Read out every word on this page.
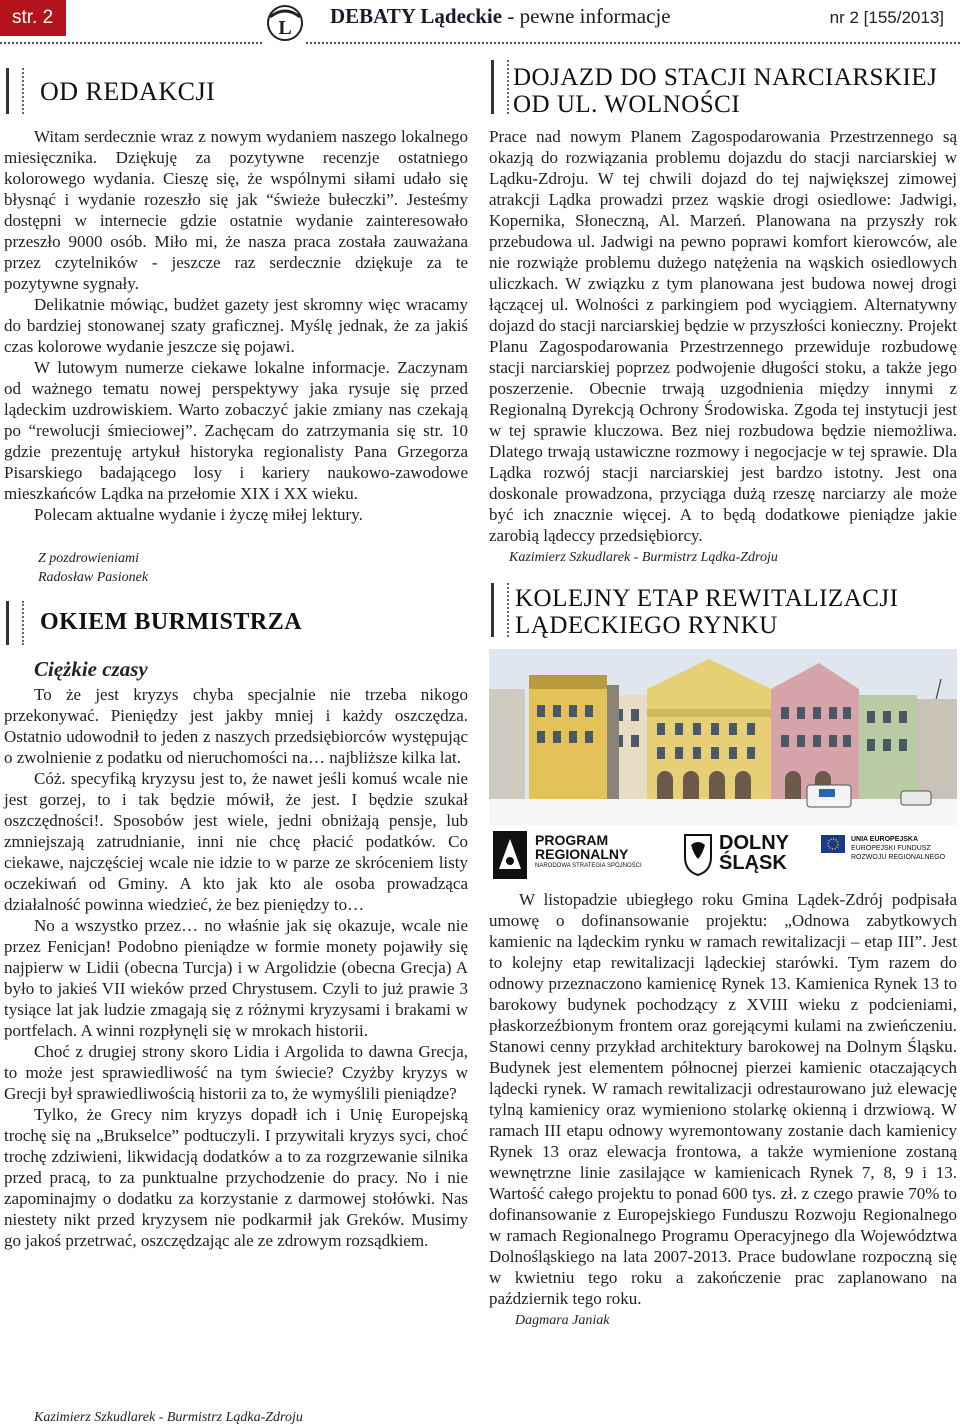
str. 2	L DEBATY Lądeckie - pewne informacje	nr 2 [155/2013]
OD REDAKCJI

Witam serdecznie wraz z nowym wydaniem naszego lokalnego miesięcznika. Dziękuję za pozytywne recenzje ostatniego kolorowego wydania. Cieszę się, że wspólnymi siłami udało się błysnąć i wydanie rozeszło się jak “świeże bułeczki”. Jesteśmy dostępni w internecie gdzie ostatnie wydanie zainteresowało przeszło 9000 osób. Miło mi, że nasza praca została zauważana przez czytelników - jeszcze raz serdecznie dziękuje za te pozytywne sygnały.

Delikatnie mówiąc, budżet gazety jest skromny więc wracamy do bardziej stonowanej szaty graficznej. Myślę jednak, że za jakiś czas kolorowe wydanie jeszcze się pojawi.

W lutowym numerze ciekawe lokalne informacje. Zaczynam od ważnego tematu nowej perspektywy jaka rysuje się przed lądeckim uzdrowiskiem. Warto zobaczyć jakie zmiany nas czekają po “rewolucji śmieciowej”. Zachęcam do zatrzymania się str. 10 gdzie prezentuję artykuł historyka regionalisty Pana Grzegorza Pisarskiego badającego losy i kariery naukowo-zawodowe mieszkańców Lądka na przełomie XIX i XX wieku.

Polecam aktualne wydanie i życzę miłej lektury.

Z pozdrowieniami
Radosław Pasionek
OKIEM BURMISTRZA
Ciężkie czasy

To że jest kryzys chyba specjalnie nie trzeba nikogo przekonywać. Pieniędzy jest jakby mniej i każdy oszczędza. Ostatnio udowodnił to jeden z naszych przedsiębiorców występując o zwolnienie z podatku od nieruchomości na… najbliższe kilka lat.

Cóż. specyfiką kryzysu jest to, że nawet jeśli komuś wcale nie jest gorzej, to i tak będzie mówił, że jest. I będzie szukał oszczędności!. Sposobów jest wiele, jedni obniżają pensje, lub zmniejszają zatrudnianie, inni nie chcę płacić podatków. Co ciekawe, najczęściej wcale nie idzie to w parze ze skróceniem listy oczekiwań od Gminy. A kto jak kto ale osoba prowadząca działalność powinna wiedzieć, że bez pieniędzy to…

No a wszystko przez… no właśnie jak się okazuje, wcale nie przez Fenicjan! Podobno pieniądze w formie monety pojawiły się najpierw w Lidii (obecna Turcja) i w Argolidzie (obecna Grecja) A było to jakieś VII wieków przed Chrystusem. Czyli to już prawie 3 tysiące lat jak ludzie zmagają się z różnymi kryzysami i brakami w portfelach. A winni rozpłynęli się w mrokach historii.

Choć z drugiej strony skoro Lidia i Argolida to dawna Grecja, to może jest sprawiedliwość na tym świecie? Czyżby kryzys w Grecji był sprawiedliwością historii za to, że wymyślili pieniądze?

Tylko, że Grecy nim kryzys dopadł ich i Unię Europejską trochę się na „Brukselce” podtuczyli. I przywitali kryzys syci, choć trochę zdziwieni, likwidacją dodatków a to za rozgrzewanie silnika przed pracą, to za punktualne przychodzenie do pracy. No i nie zapominajmy o dodatku za korzystanie z darmowej stołówki. Nas niestety nikt przed kryzysem nie podkarmił jak Greków. Musimy go jakoś przetrwać, oszczędzając ale ze zdrowym rozsądkiem.

Kazimierz Szkudlarek - Burmistrz Lądka-Zdroju
DOJAZD DO STACJI NARCIARSKIEJ
OD UL. WOLNOŚCI

Prace nad nowym Planem Zagospodarowania Przestrzennego są okazją do rozwiązania problemu dojazdu do stacji narciarskiej w Lądku-Zdroju. W tej chwili dojazd do tej największej zimowej atrakcji Lądka prowadzi przez wąskie drogi osiedlowe: Jadwigi, Kopernika, Słoneczną, Al. Marzeń. Planowana na przyszły rok przebudowa ul. Jadwigi na pewno poprawi komfort kierowców, ale nie rozwiąże problemu dużego natężenia na wąskich osiedlowych uliczkach. W związku z tym planowana jest budowa nowej drogi łączącej ul. Wolności z parkingiem pod wyciągiem. Alternatywny dojazd do stacji narciarskiej będzie w przyszłości konieczny. Projekt Planu Zagospodarowania Przestrzennego przewiduje rozbudowę stacji narciarskiej poprzez podwojenie długości stoku, a także jego poszerzenie. Obecnie trwają uzgodnienia między innymi z Regionalną Dyrekcją Ochrony Środowiska. Zgoda tej instytucji jest w tej sprawie kluczowa. Bez niej rozbudowa będzie niemożliwa. Dlatego trwają ustawiczne rozmowy i negocjacje w tej sprawie. Dla Lądka rozwój stacji narciarskiej jest bardzo istotny. Jest ona doskonale prowadzona, przyciąga dużą rzeszę narciarzy ale może być ich znacznie więcej. A to będą dodatkowe pieniądze jakie zarobią lądeccy przedsiębiorcy.

Kazimierz Szkudlarek - Burmistrz Lądka-Zdroju
KOLEJNY ETAP REWITALIZACJI
LĄDECKIEGO RYNKU
PROGRAM
REGIONALNY
NARODOWA STRATEGIA SPÓJNOŚCI
DOLNY
ŚLĄSK
UNIA EUROPEJSKA
EUROPEJSKI FUNDUSZ
ROZWOJU REGIONALNEGO

W listopadzie ubiegłego roku Gmina Lądek-Zdrój podpisała umowę o dofinansowanie projektu: „Odnowa zabytkowych kamienic na lądeckim rynku w ramach rewitalizacji – etap III”. Jest to kolejny etap rewitalizacji lądeckiej starówki. Tym razem do odnowy przeznaczono kamienicę Rynek 13. Kamienica Rynek 13 to barokowy budynek pochodzący z XVIII wieku z podcieniami, płaskorzeźbionym frontem oraz gorejącymi kulami na zwieńczeniu. Stanowi cenny przykład architektury barokowej na Dolnym Śląsku. Budynek jest elementem północnej pierzei kamienic otaczających lądecki rynek. W ramach rewitalizacji odrestaurowano już elewację tylną kamienicy oraz wymieniono stolarkę okienną i drzwiową. W ramach III etapu odnowy wyremontowany zostanie dach kamienicy Rynek 13 oraz elewacja frontowa, a także wymienione zostaną wewnętrzne linie zasilające w kamienicach Rynek 7, 8, 9 i 13. Wartość całego projektu to ponad 600 tys. zł. z czego prawie 70% to dofinansowanie z Europejskiego Funduszu Rozwoju Regionalnego w ramach Regionalnego Programu Operacyjnego dla Województwa Dolnośląskiego na lata 2007-2013. Prace budowlane rozpoczną się w kwietniu tego roku a zakończenie prac zaplanowano na październik tego roku.

Dagmara Janiak
